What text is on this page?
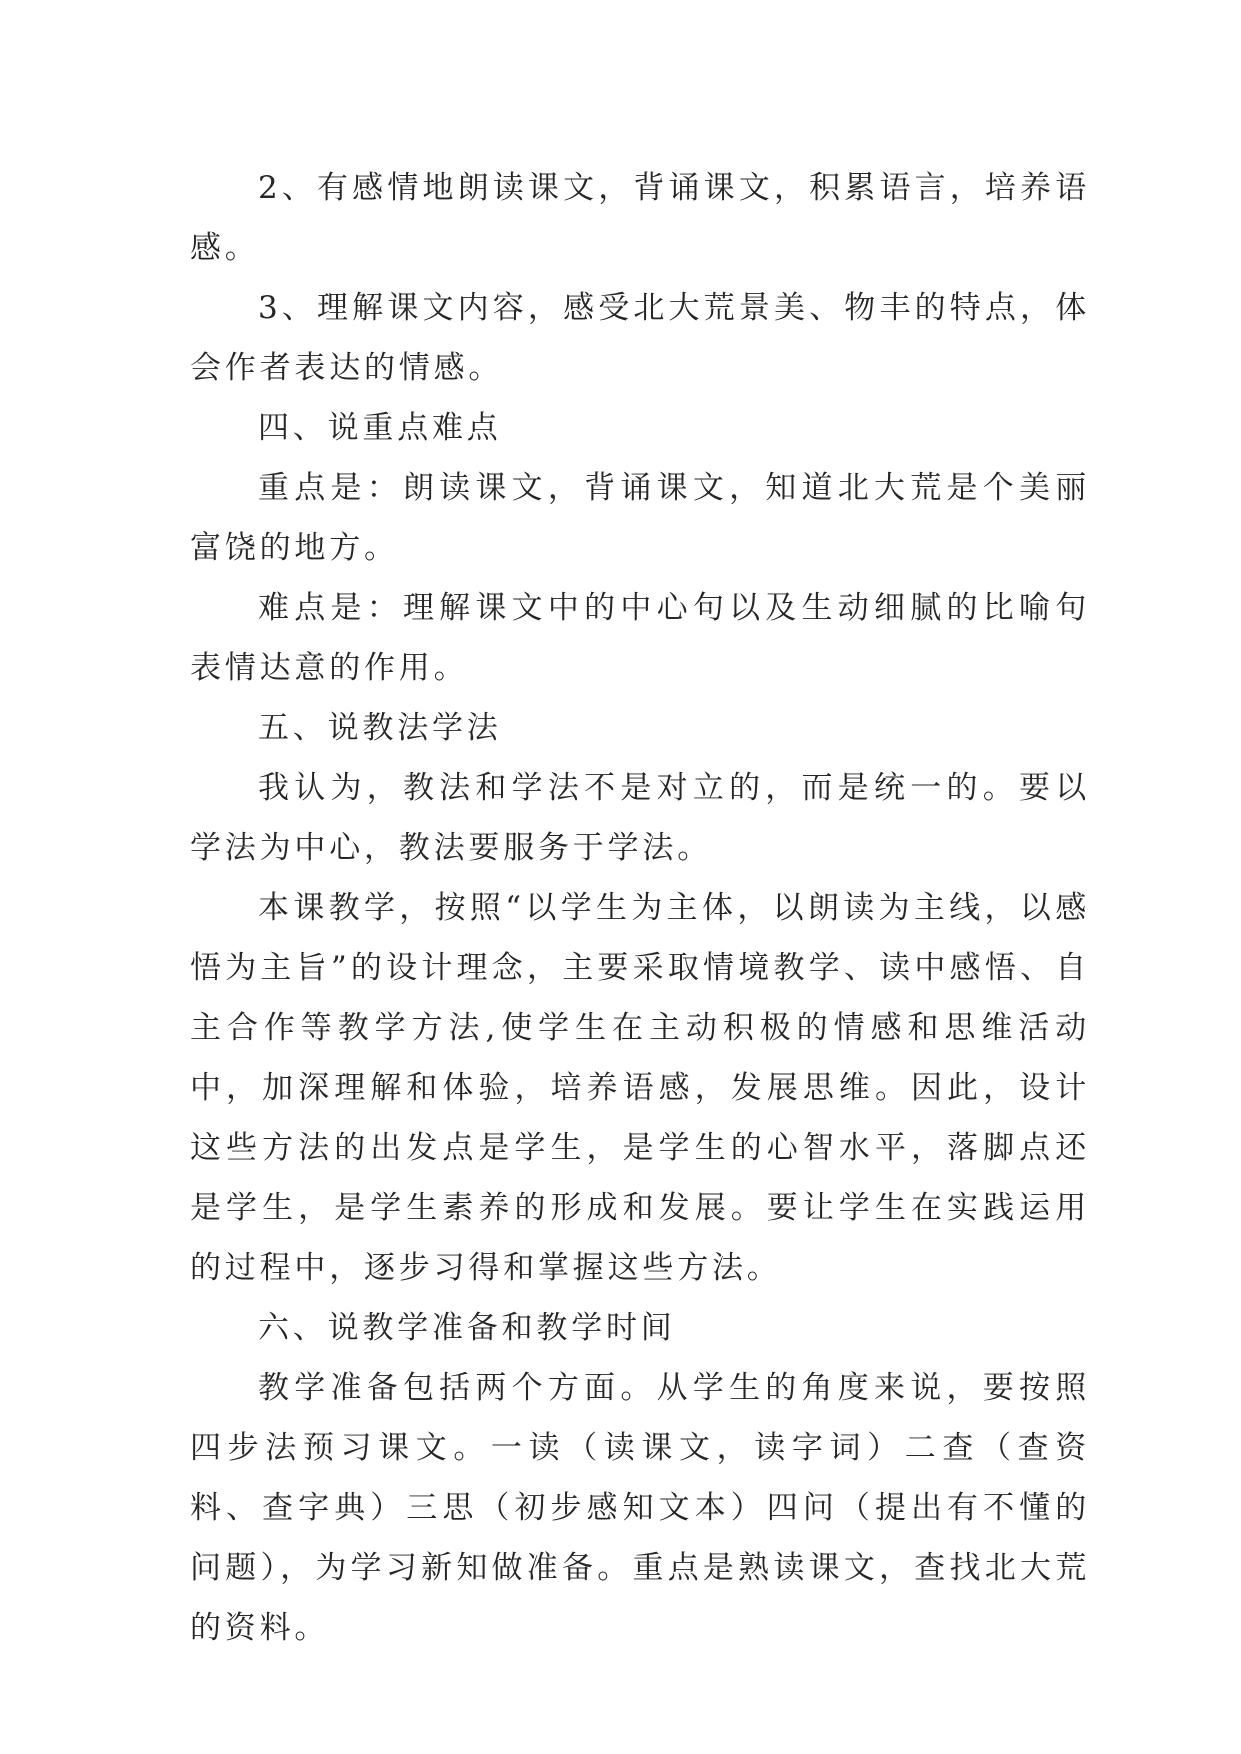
2、有感情地朗读课文，背诵课文，积累语言，培养语感。

3、理解课文内容，感受北大荒景美、物丰的特点，体会作者表达的情感。

四、说重点难点

重点是：朗读课文，背诵课文，知道北大荒是个美丽富饶的地方。

难点是：理解课文中的中心句以及生动细腻的比喻句表情达意的作用。

五、说教法学法

我认为，教法和学法不是对立的，而是统一的。要以学法为中心，教法要服务于学法。

本课教学，按照“以学生为主体，以朗读为主线，以感悟为主旨”的设计理念，主要采取情境教学、读中感悟、自主合作等教学方法,使学生在主动积极的情感和思维活动中，加深理解和体验，培养语感，发展思维。因此，设计这些方法的出发点是学生，是学生的心智水平，落脚点还是学生，是学生素养的形成和发展。要让学生在实践运用的过程中，逐步习得和掌握这些方法。

六、说教学准备和教学时间

教学准备包括两个方面。从学生的角度来说，要按照四步法预习课文。一读（读课文，读字词）二查（查资料、查字典）三思（初步感知文本）四问（提出有不懂的问题），为学习新知做准备。重点是熟读课文，查找北大荒的资料。
